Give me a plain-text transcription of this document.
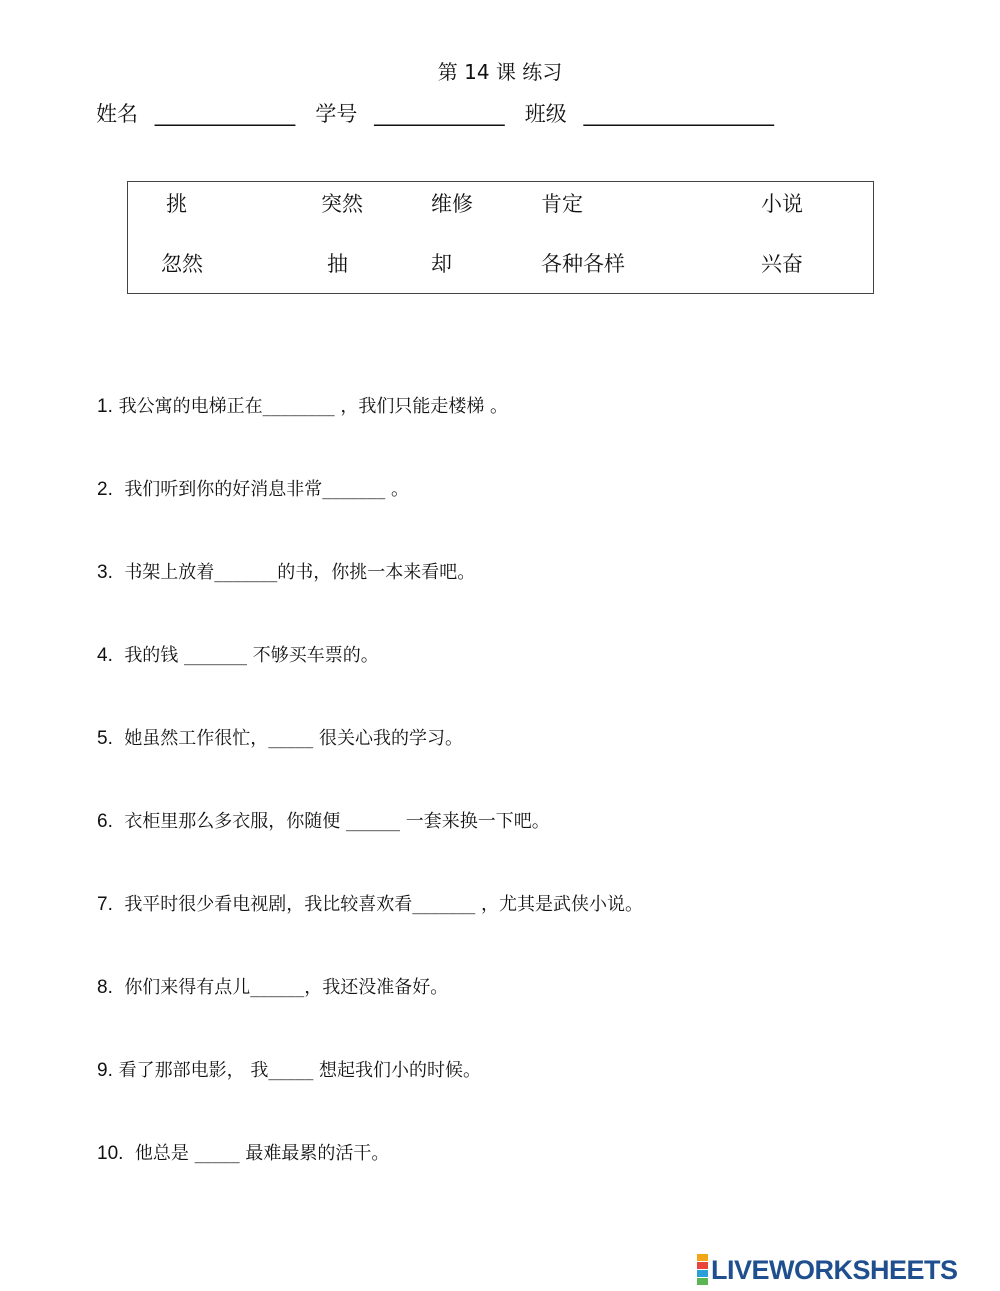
第 14 课 练习
姓名 ______________ 学号 _____________ 班级 ___________________
挑	突然	维修	肯定	小说
忽然	抽	却	各种各样	兴奋
1. 我公寓的电梯正在________ ，我们只能走楼梯 。
2. 我们听到你的好消息非常_______ 。
3. 书架上放着_______的书，你挑一本来看吧。
4. 我的钱 _______ 不够买车票的。
5. 她虽然工作很忙，_____ 很关心我的学习。
6. 衣柜里那么多衣服，你随便 ______ 一套来换一下吧。
7. 我平时很少看电视剧，我比较喜欢看_______ ，尤其是武侠小说。
8. 你们来得有点儿______，我还没准备好。
9. 看了那部电影， 我_____ 想起我们小的时候。
10. 他总是 _____ 最难最累的活干。
LIVEWORKSHEETS
